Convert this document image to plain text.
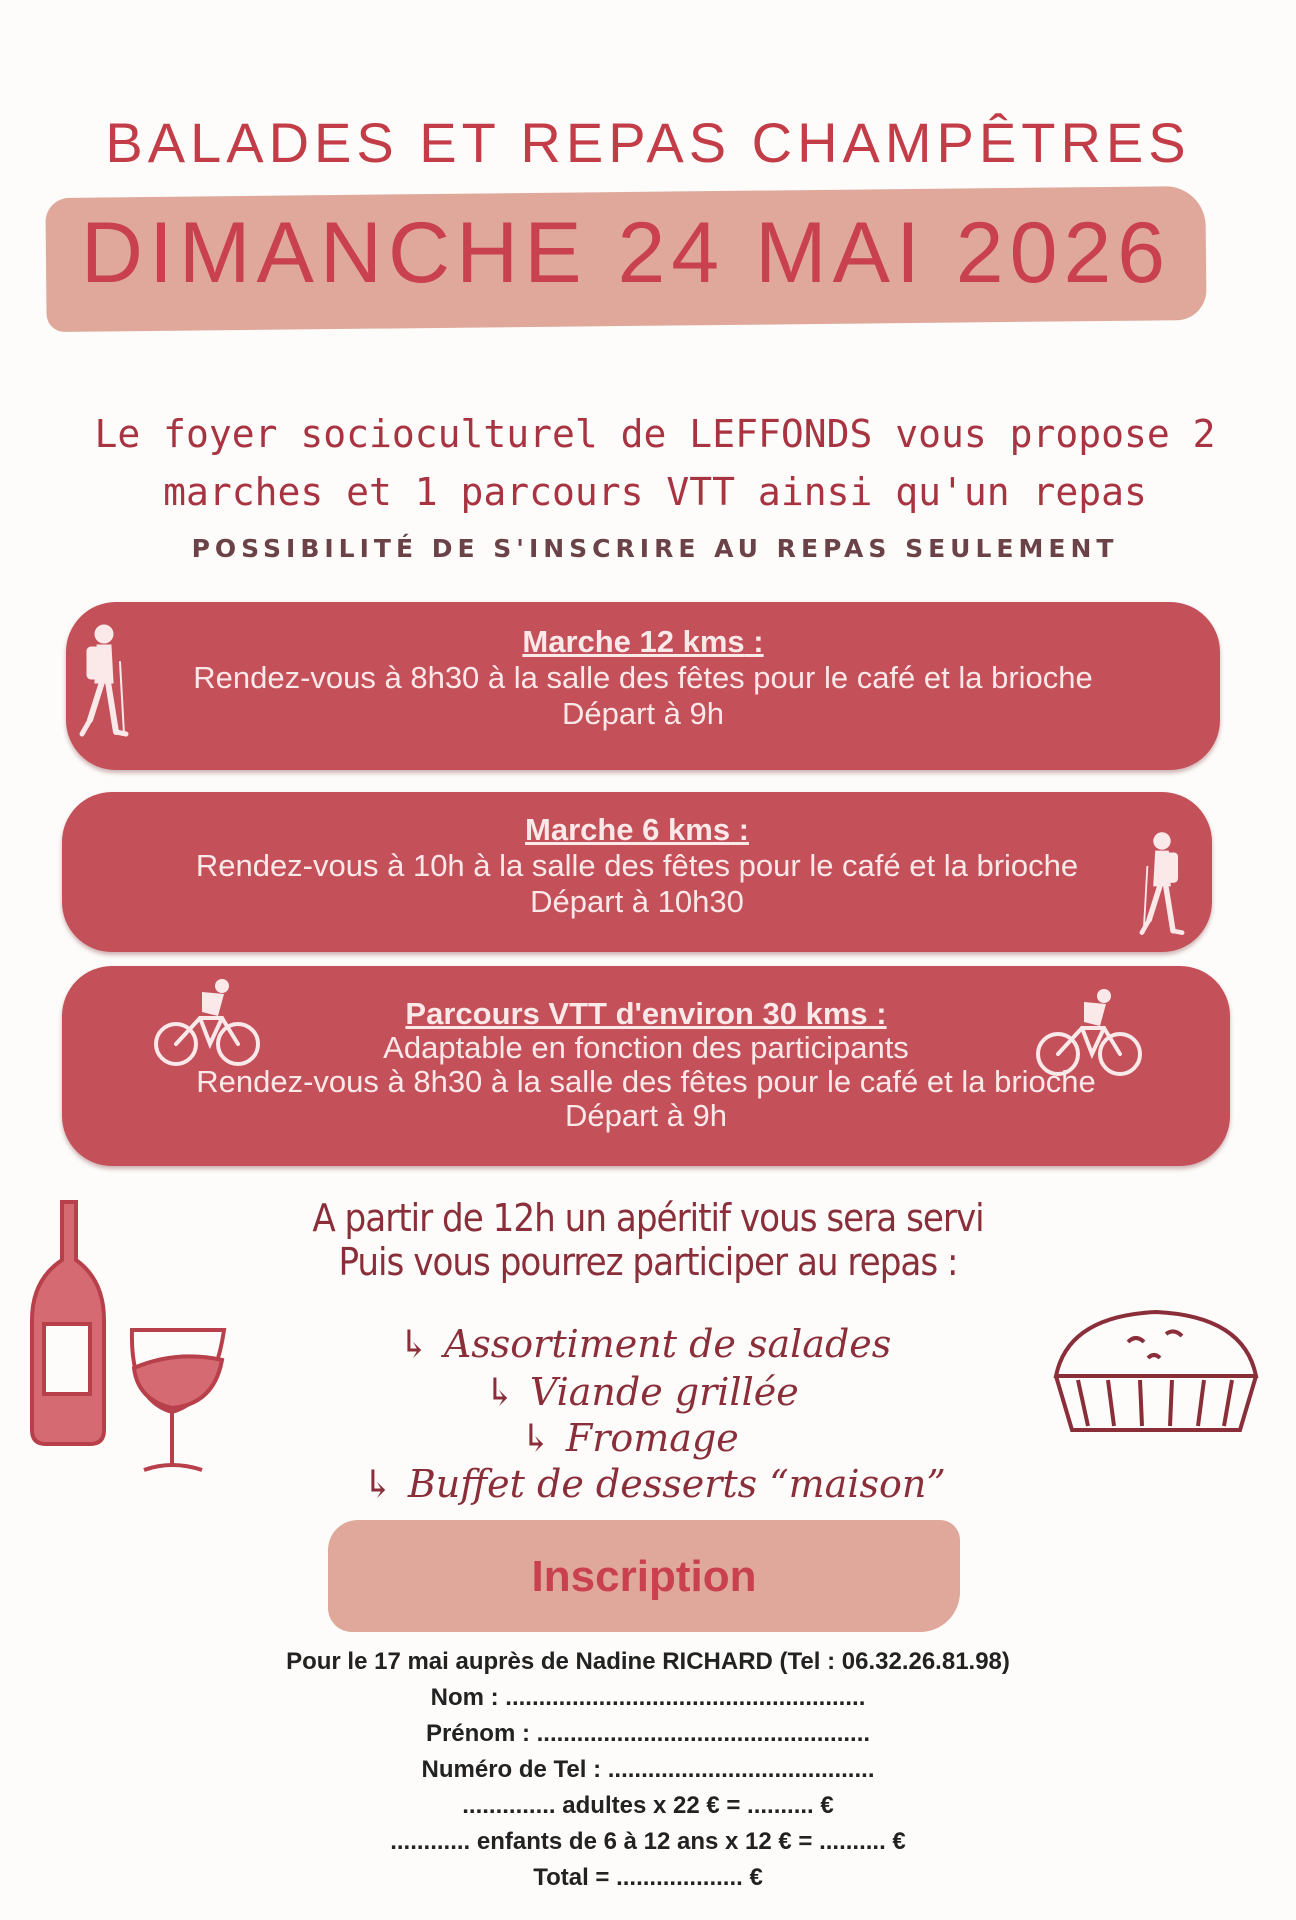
BALADES ET REPAS CHAMPÊTRES
DIMANCHE 24 MAI 2026
Le foyer socioculturel de LEFFONDS vous propose 2
marches et 1 parcours VTT ainsi qu'un repas
POSSIBILITÉ DE S'INSCRIRE AU REPAS SEULEMENT
Marche 12 kms :
Rendez-vous à 8h30 à la salle des fêtes pour le café et la brioche
Départ à 9h
Marche 6 kms :
Rendez-vous à 10h à la salle des fêtes pour le café et la brioche
Départ à 10h30
Parcours VTT d'environ 30 kms :
Adaptable en fonction des participants
Rendez-vous à 8h30 à la salle des fêtes pour le café et la brioche
Départ à 9h
A partir de 12h un apéritif vous sera servi
Puis vous pourrez participer au repas :
↳ Assortiment de salades
↳ Viande grillée
↳ Fromage
↳ Buffet de desserts “maison”
Inscription
Pour le 17 mai auprès de Nadine RICHARD (Tel : 06.32.26.81.98)
Nom : ......................................................
Prénom : ..................................................
Numéro de Tel : ........................................
.............. adultes x 22 € = .......... €
............ enfants de 6 à 12 ans x 12 € = .......... €
Total = ................... €
